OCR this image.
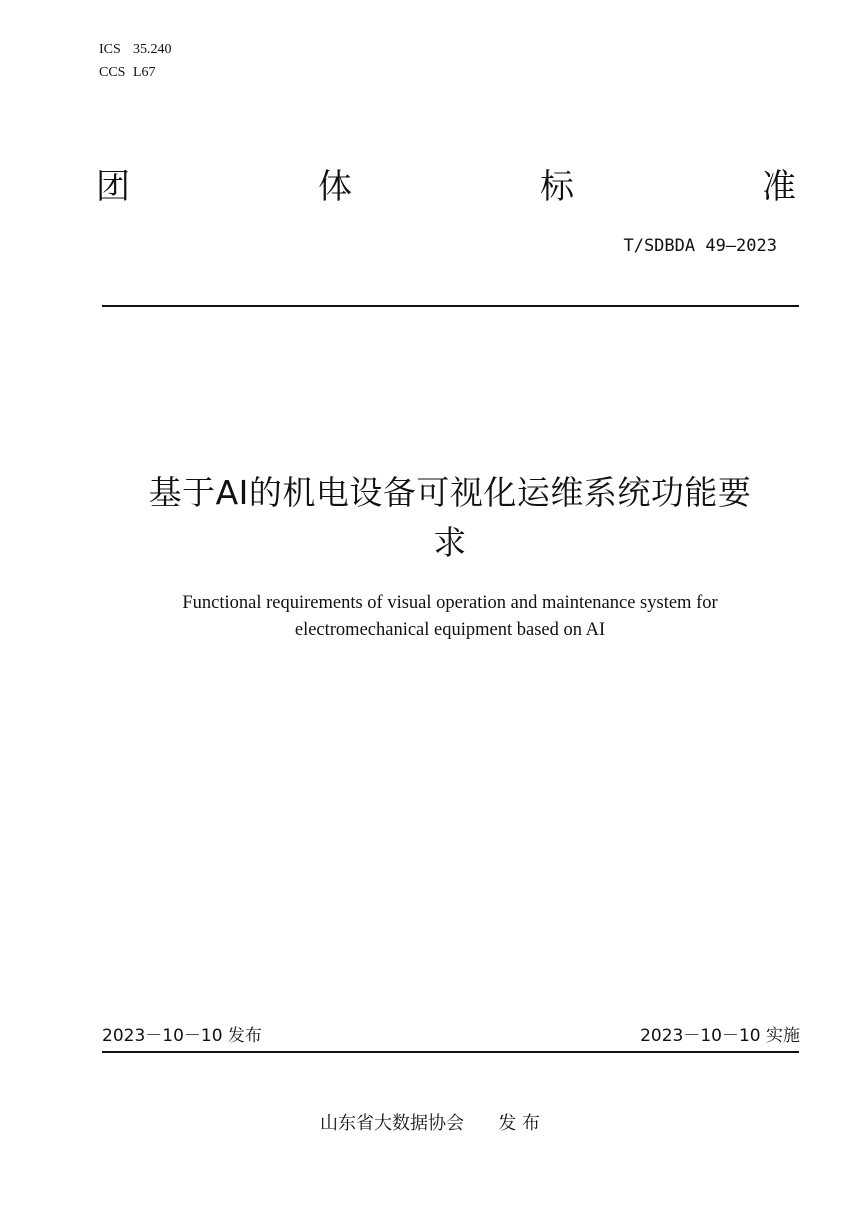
ICS 35.240
CCS L67
团	体	标	准
T/SDBDA 49—2023
基于AI的机电设备可视化运维系统功能要
求
Functional requirements of visual operation and maintenance system for
electromechanical equipment based on AI
2023－10－10 发布	2023－10－10 实施
山东省大数据协会      发 布
